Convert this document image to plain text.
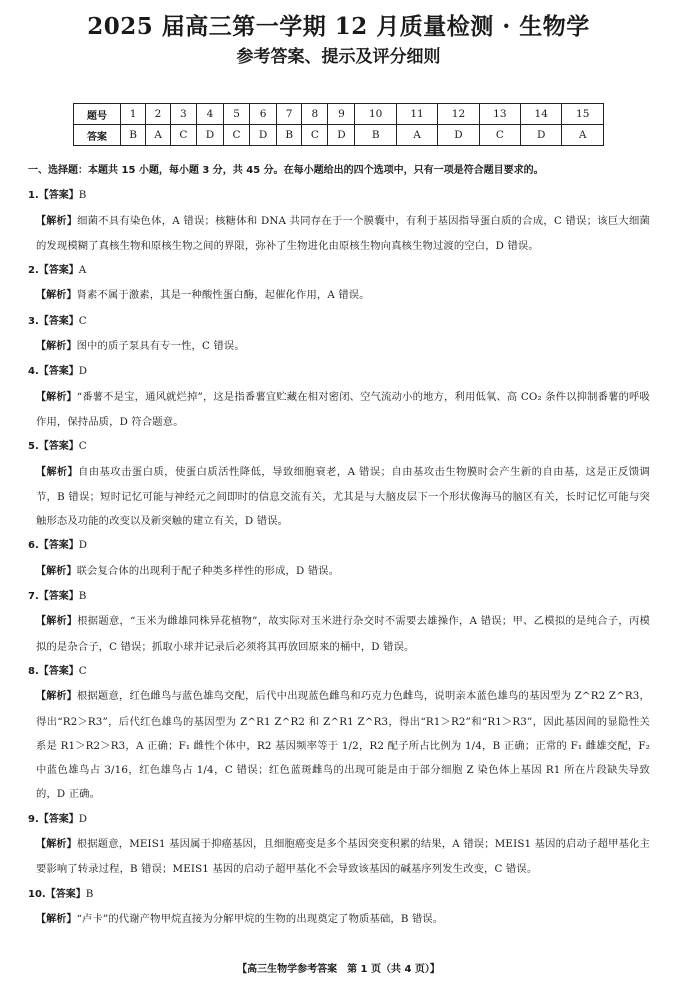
2025 届高三第一学期 12 月质量检测 · 生物学
参考答案、提示及评分细则
题号	1	2	3	4	5	6	7	8	9	10	11	12	13	14	15
答案	B	A	C	D	C	D	B	C	D	B	A	D	C	D	A
一、选择题：本题共 15 小题，每小题 3 分，共 45 分。在每小题给出的四个选项中，只有一项是符合题目要求的。

1.【答案】B

【解析】细菌不具有染色体，A 错误；核糖体和 DNA 共同存在于一个膜囊中，有利于基因指导蛋白质的合成，C 错误；该巨大细菌的发现模糊了真核生物和原核生物之间的界限，弥补了生物进化由原核生物向真核生物过渡的空白，D 错误。

2.【答案】A

【解析】肾素不属于激素，其是一种酸性蛋白酶，起催化作用，A 错误。

3.【答案】C

【解析】图中的质子泵具有专一性，C 错误。

4.【答案】D

【解析】“番薯不是宝，通风就烂掉”，这是指番薯宜贮藏在相对密闭、空气流动小的地方，利用低氧、高 CO₂ 条件以抑制番薯的呼吸作用，保持品质，D 符合题意。

5.【答案】C

【解析】自由基攻击蛋白质，使蛋白质活性降低，导致细胞衰老，A 错误；自由基攻击生物膜时会产生新的自由基，这是正反馈调节，B 错误；短时记忆可能与神经元之间即时的信息交流有关，尤其是与大脑皮层下一个形状像海马的脑区有关，长时记忆可能与突触形态及功能的改变以及新突触的建立有关，D 错误。

6.【答案】D

【解析】联会复合体的出现利于配子种类多样性的形成，D 错误。

7.【答案】B

【解析】根据题意，“玉米为雌雄同株异花植物”，故实际对玉米进行杂交时不需要去雄操作，A 错误；甲、乙模拟的是纯合子，丙模拟的是杂合子，C 错误；抓取小球并记录后必须将其再放回原来的桶中，D 错误。

8.【答案】C

【解析】根据题意，红色雌鸟与蓝色雄鸟交配，后代中出现蓝色雌鸟和巧克力色雌鸟，说明亲本蓝色雄鸟的基因型为 Z^R2 Z^R3，得出“R2＞R3”，后代红色雄鸟的基因型为 Z^R1 Z^R2 和 Z^R1 Z^R3，得出“R1＞R2”和“R1＞R3”，因此基因间的显隐性关系是 R1＞R2＞R3，A 正确；F₁ 雌性个体中，R2 基因频率等于 1/2，R2 配子所占比例为 1/4，B 正确；正常的 F₁ 雌雄交配，F₂ 中蓝色雄鸟占 3/16，红色雄鸟占 1/4，C 错误；红色蓝斑雌鸟的出现可能是由于部分细胞 Z 染色体上基因 R1 所在片段缺失导致的，D 正确。

9.【答案】D

【解析】根据题意，MEIS1 基因属于抑癌基因，且细胞癌变是多个基因突变积累的结果，A 错误；MEIS1 基因的启动子超甲基化主要影响了转录过程，B 错误；MEIS1 基因的启动子超甲基化不会导致该基因的碱基序列发生改变，C 错误。

10.【答案】B

【解析】“卢卡”的代谢产物甲烷直接为分解甲烷的生物的出现奠定了物质基础，B 错误。

【高三生物学参考答案　第 1 页（共 4 页）】
